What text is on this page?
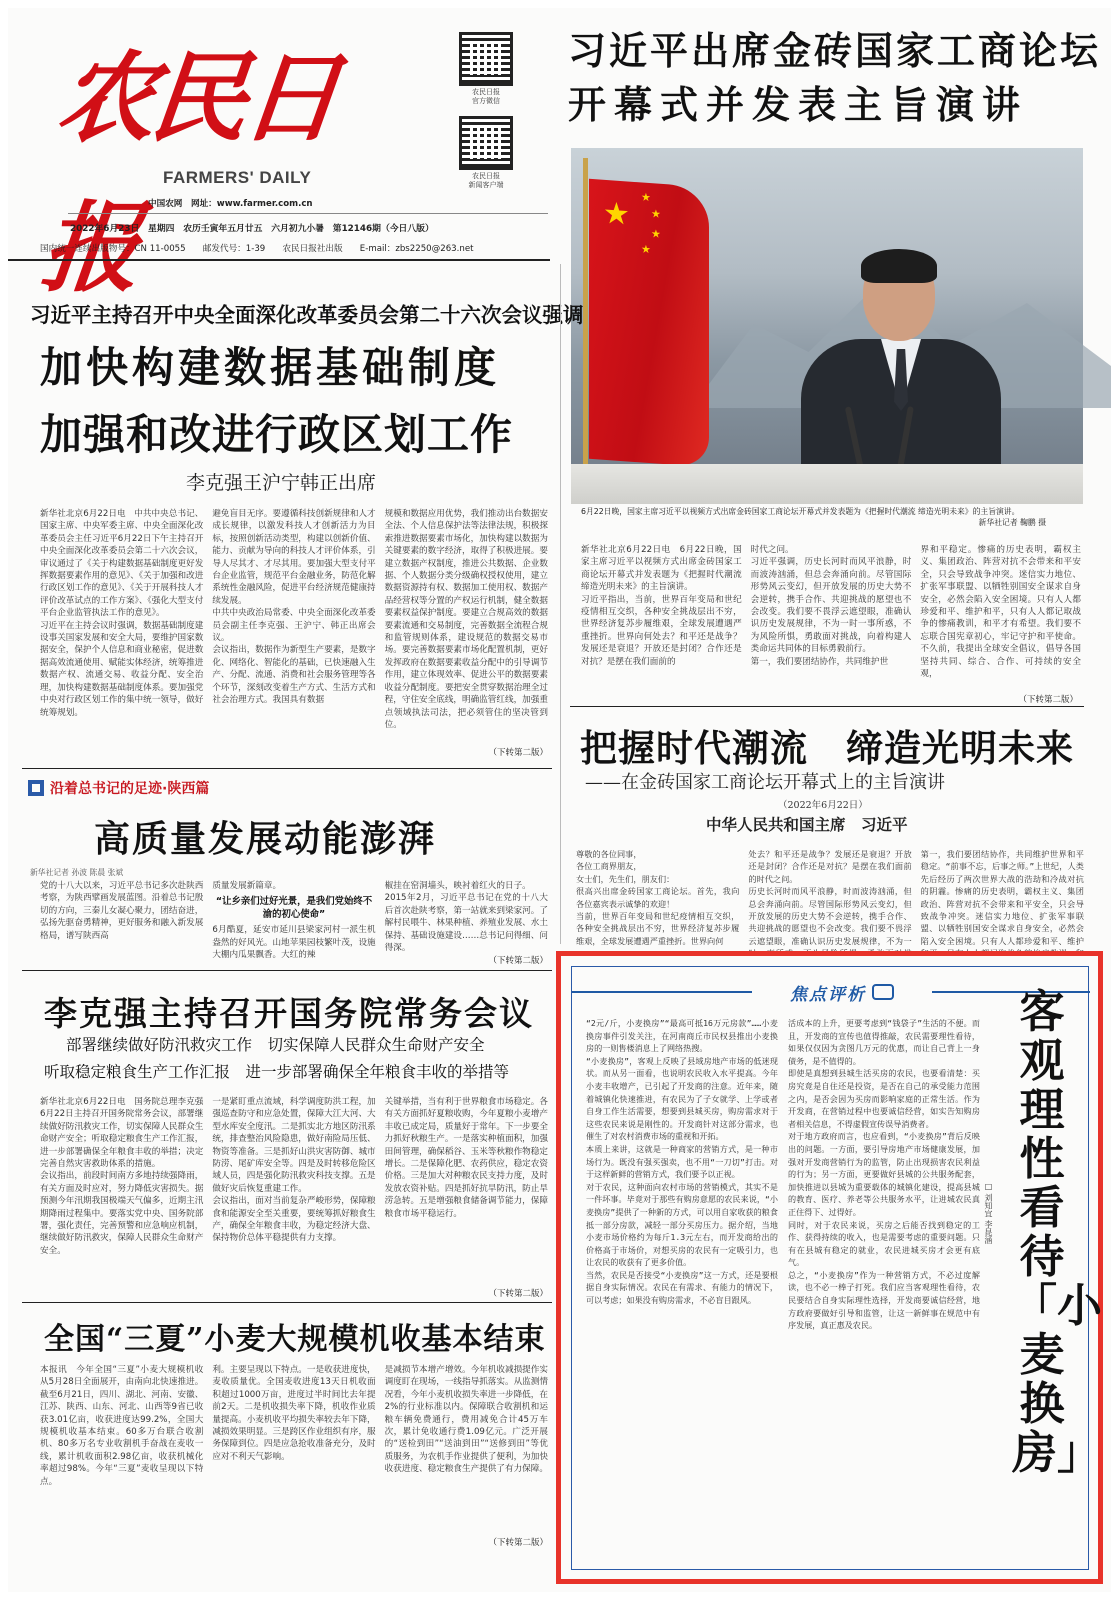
农民日报
FARMERS' DAILY
农民日报
官方微信
农民日报
新闻客户端
中国农网　网址：www.farmer.com.cn
2022年6月23日　星期四　农历壬寅年五月廿五　六月初九小暑　第12146期（今日八版）
国内统一连续出版物号：CN 11-0055　　邮发代号：1-39　　农民日报社出版　　E-mail：zbs2250@263.net
习近平出席金砖国家工商论坛
开幕式并发表主旨演讲
★ ★
★
★
★
6月22日晚，国家主席习近平以视频方式出席金砖国家工商论坛开幕式并发表题为《把握时代潮流 缔造光明未来》的主旨演讲。
新华社记者 鞠鹏 摄
新华社北京6月22日电　6月22日晚，国家主席习近平以视频方式出席金砖国家工商论坛开幕式并发表题为《把握时代潮流 缔造光明未来》的主旨演讲。
习近平指出，当前，世界百年变局和世纪疫情相互交织，各种安全挑战层出不穷，世界经济复苏步履维艰，全球发展遭遇严重挫折。世界向何处去？和平还是战争？发展还是衰退？开放还是封闭？合作还是对抗？是摆在我们面前的
时代之问。
习近平强调，历史长河时而风平浪静，时而波涛汹涌，但总会奔涌向前。尽管国际形势风云变幻，但开放发展的历史大势不会逆转，携手合作、共迎挑战的愿望也不会改变。我们要不畏浮云遮望眼，准确认识历史发展规律，不为一时一事所惑，不为风险所惧，勇敢面对挑战，向着构建人类命运共同体的目标勇毅前行。
第一，我们要团结协作，共同维护世
界和平稳定。惨痛的历史表明，霸权主义、集团政治、阵营对抗不会带来和平安全，只会导致战争冲突。迷信实力地位、扩张军事联盟、以牺牲别国安全谋求自身安全，必然会陷入安全困境。只有人人都珍爱和平、维护和平，只有人人都记取战争的惨痛教训，和平才有希望。我们要不忘联合国宪章初心，牢记守护和平使命。不久前，我提出全球安全倡议，倡导各国坚持共同、综合、合作、可持续的安全观，
（下转第二版）
把握时代潮流　缔造光明未来
——在金砖国家工商论坛开幕式上的主旨演讲
（2022年6月22日）
中华人民共和国主席　习近平
尊敬的各位同事，
各位工商界朋友，
女士们，先生们，朋友们：
很高兴出席金砖国家工商论坛。首先，我向各位嘉宾表示诚挚的欢迎！
当前，世界百年变局和世纪疫情相互交织，各种安全挑战层出不穷，世界经济复苏步履维艰，全球发展遭遇严重挫折。世界向何
处去？和平还是战争？发展还是衰退？开放还是封闭？合作还是对抗？是摆在我们面前的时代之问。
历史长河时而风平浪静，时而波涛汹涌，但总会奔涌向前。尽管国际形势风云变幻，但开放发展的历史大势不会逆转，携手合作、共迎挑战的愿望也不会改变。我们要不畏浮云遮望眼，准确认识历史发展规律，不为一
第一，我们要团结协作，共同维护世界和平稳定。“前事不忘，后事之师。”上世纪，人类先后经历了两次世界大战的浩劫和冷战对抗的阴霾。惨痛的历史表明，霸权主义、集团政治、阵营对抗不会带来和平安全，只会导致战争冲突。迷信实力地位、扩张军事联盟、以牺牲别国安全谋求自身安全，必然会陷入安全困境。只有人人都珍爱和平、维护
习近平主持召开中央全面深化改革委员会第二十六次会议强调
加快构建数据基础制度
加强和改进行政区划工作
李克强王沪宁韩正出席
新华社北京6月22日电　中共中央总书记、国家主席、中央军委主席、中央全面深化改革委员会主任习近平6月22日下午主持召开中央全面深化改革委员会第二十六次会议，审议通过了《关于构建数据基础制度更好发挥数据要素作用的意见》、《关于加强和改进行政区划工作的意见》、《关于开展科技人才评价改革试点的工作方案》、《强化大型支付平台企业监管执法工作的意见》。
习近平在主持会议时强调，数据基础制度建设事关国家发展和安全大局，要维护国家数据安全，保护个人信息和商业秘密，促进数据高效流通使用、赋能实体经济，统筹推进数据产权、流通交易、收益分配、安全治理，加快构建数据基础制度体系。要加强党中央对行政区划工作的集中统一领导，做好统筹规划。
避免盲目无序。要遵循科技创新规律和人才成长规律，以激发科技人才创新活力为目标，按照创新活动类型，构建以创新价值、能力、贡献为导向的科技人才评价体系，引导人尽其才、才尽其用。要加强大型支付平台企业监管，规范平台金融业务，防范化解系统性金融风险，促进平台经济规范健康持续发展。
中共中央政治局常委、中央全面深化改革委员会副主任李克强、王沪宁、韩正出席会议。
会议指出，数据作为新型生产要素，是数字化、网络化、智能化的基础，已快速融入生产、分配、流通、消费和社会服务管理等各个环节，深刻改变着生产方式、生活方式和社会治理方式。我国具有数据
规模和数据应用优势，我们推动出台数据安全法、个人信息保护法等法律法规，积极探索推进数据要素市场化，加快构建以数据为关键要素的数字经济，取得了积极进展。要建立数据产权制度，推进公共数据、企业数据、个人数据分类分级确权授权使用，建立数据资源持有权、数据加工使用权、数据产品经营权等分置的产权运行机制，健全数据要素权益保护制度。要建立合规高效的数据要素流通和交易制度，完善数据全流程合规和监管规则体系，建设规范的数据交易市场。要完善数据要素市场化配置机制，更好发挥政府在数据要素收益分配中的引导调节作用，建立体现效率、促进公平的数据要素收益分配制度。要把安全贯穿数据治理全过程，守住安全底线，明确监管红线，加强重点领域执法司法，把必须管住的坚决管到位。
（下转第二版）
沿着总书记的足迹·陕西篇
高质量发展动能澎湃
新华社记者 孙波 陈晨 张斌
党的十八大以来，习近平总书记多次赴陕西考察，为陕西擘画发展蓝图。沿着总书记殷切的方向，三秦儿女凝心聚力，团结奋进，弘扬先驱奋勇精神，更好服务和融入新发展格局，谱写陕西高
质量发展新篇章。
“让乡亲们过好光景，是我们党始终不渝的初心使命”
6月酷夏，延安市延川县梁家河村一派生机盎然的好风光。山地苹果园枝繁叶茂，设施大棚内瓜果飘香。大红的辣
椒挂在窑洞墙头，映衬着红火的日子。
2015年2月，习近平总书记在党的十八大后首次赴陕考察，第一站就来到梁家河。了解村民喂牛、林果种植、养殖业发展、水土保持、基础设施建设……总书记问得细、问得深。
（下转第二版）
李克强主持召开国务院常务会议
部署继续做好防汛救灾工作　切实保障人民群众生命财产安全
听取稳定粮食生产工作汇报　进一步部署确保全年粮食丰收的举措等
新华社北京6月22日电　国务院总理李克强6月22日主持召开国务院常务会议，部署继续做好防汛救灾工作，切实保障人民群众生命财产安全；听取稳定粮食生产工作汇报，进一步部署确保全年粮食丰收的举措；决定完善自然灾害救助体系的措施。
会议指出，前段时间南方多地持续强降雨，有关方面及时应对，努力降低灾害损失。据预测今年汛期我国极端天气偏多，近期主汛期降雨过程集中。要落实党中央、国务院部署，强化责任，完善预警和应急响应机制，继续做好防汛救灾，保障人民群众生命财产安全。
一是紧盯重点流域，科学调度防洪工程，加强巡查防守和应急处置，保障大江大河、大型水库安全度汛。二是抓实北方地区防汛系统，排查整治风险隐患，做好南险局压低、物资等准备。三是抓好山洪灾害防御、城市防涝、尾矿库安全等。四是及时转移危险区域人员，四是强化防汛救灾科技支撑。五是做好灾后恢复重建工作。
会议指出，面对当前复杂严峻形势，保障粮食和能源安全至关重要，要统筹抓好粮食生产，确保全年粮食丰收，为稳定经济大盘、保持物价总体平稳提供有力支撑。
关键举措，当有利于世界粮食市场稳定。各有关方面抓好夏粮收购，今年夏粮小麦增产丰收已成定局，质量好于常年。下一步要全力抓好秋粮生产。一是落实种植面积，加强田间管理，确保稻谷、玉米等秋粮作物稳定增长。二是保障化肥、农药供应，稳定农资价格。三是加大对种粮农民支持力度，及时发放农资补贴。四是抓好抗旱防汛，防止旱涝急转。五是增强粮食储备调节能力，保障粮食市场平稳运行。
（下转第二版）
全国“三夏”小麦大规模机收基本结束
本报讯　今年全国“三夏”小麦大规模机收从5月28日全面展开，由南向北快速推进。截至6月21日，四川、湖北、河南、安徽、江苏、陕西、山东、河北、山西等9省已收获3.01亿亩，收获进度达99.2%，全国大规模机收基本结束。60多万台联合收割机、80多万名专业收割机手奋战在麦收一线，累计机收面积2.98亿亩，收获机械化率超过98%。今年“三夏”麦收呈现以下特点。
利。主要呈现以下特点。一是收获进度快，麦收质量优。全国麦收进度13天日机收面积超过1000万亩，进度过半时间比去年提前2天。二是机收损失率下降，机收作业质量提高。小麦机收平均损失率较去年下降，减损效果明显。三是跨区作业组织有序，服务保障到位。四是应急抢收准备充分，及时应对不利天气影响。
是减损节本增产增效。今年机收减损提作实调度盯在现场，一线指导抓落实。从监测情况看，今年小麦机收损失率进一步降低，在2%的行业标准以内。保障联合收割机和运粮车辆免费通行，费用减免合计45万车次，累计免收通行费1.09亿元。广泛开展的“送检到田”“送油到田”“送修到田”等优质服务，为农机手作业提供了便利，为加快收获进度、稳定粮食生产提供了有力保障。
（下转第二版）
焦点评析	客观理性看待「小麦换房」
□ 刘知宜 李昆涵
“2元/斤，小麦换房”“最高可抵16万元房款”……小麦换房事件引发关注，在河南商丘市民权县推出小麦换房的一则售楼消息上了网络热搜。
“小麦换房”，客观上反映了县域房地产市场的低迷现状。而从另一面看，也说明农民收入水平提高。今年小麦丰收增产，已引起了开发商的注意。近年来，随着城镇化快速推进，有农民为了子女就学、上学或者自身工作生活需要，想要到县城买房，购房需求对于这些农民来说是刚性的。开发商针对这部分需求，也催生了对农村消费市场的重视和开拓。
本质上来讲，这就是一种商家的营销方式，是一种市场行为。既没有强买强卖，也不用“一刀切”打击。对于这样新鲜的营销方式，我们要予以正视。
对于农民，这种面向农村市场的营销模式，其实不是一件坏事。毕竟对于那些有购房意愿的农民来说，“小麦换房”提供了一种新的方式，可以用自家收获的粮食抵一部分房款，减轻一部分买房压力。据介绍，当地小麦市场价格约为每斤1.3元左右，而开发商给出的价格高于市场价，对想买房的农民有一定吸引力，也让农民的收获有了更多价值。
当然，农民是否接受“小麦换房”这一方式，还是要根据自身实际情况。农民在有需求、有能力的情况下，可以考虑；如果没有购房需求，不必盲目跟风。
活成本的上升，更要考虑到“钱袋子”生活的不便。而且，开发商的宣传也值得推敲，农民需要理性看待，如果仅仅因为贪图几万元的优惠，而让自己背上一身债务，是不值得的。
即使是真想到县城生活买房的农民，也要看清楚：买房究竟是自住还是投资，是否在自己的承受能力范围之内，是否会因为买房而影响家庭的正常生活。作为开发商，在营销过程中也要诚信经营，如实告知购房者相关信息，不得虚假宣传误导消费者。
对于地方政府而言，也应看到，“小麦换房”背后反映出的问题。一方面，要引导房地产市场健康发展，加强对开发商营销行为的监管，防止出现损害农民利益的行为；另一方面，更要做好县城的公共服务配套，加快推进以县城为重要载体的城镇化建设，提高县城的教育、医疗、养老等公共服务水平，让进城农民真正住得下、过得好。
同时，对于农民来说，买房之后能否找到稳定的工作、获得持续的收入，也是需要考虑的重要问题。只有在县城有稳定的就业，农民进城买房才会更有底气。
总之，“小麦换房”作为一种营销方式，不必过度解读，也不必一棒子打死。我们应当客观理性看待，农民要结合自身实际理性选择，开发商要诚信经营，地方政府要做好引导和监管，让这一新鲜事在规范中有序发展，真正惠及农民。
